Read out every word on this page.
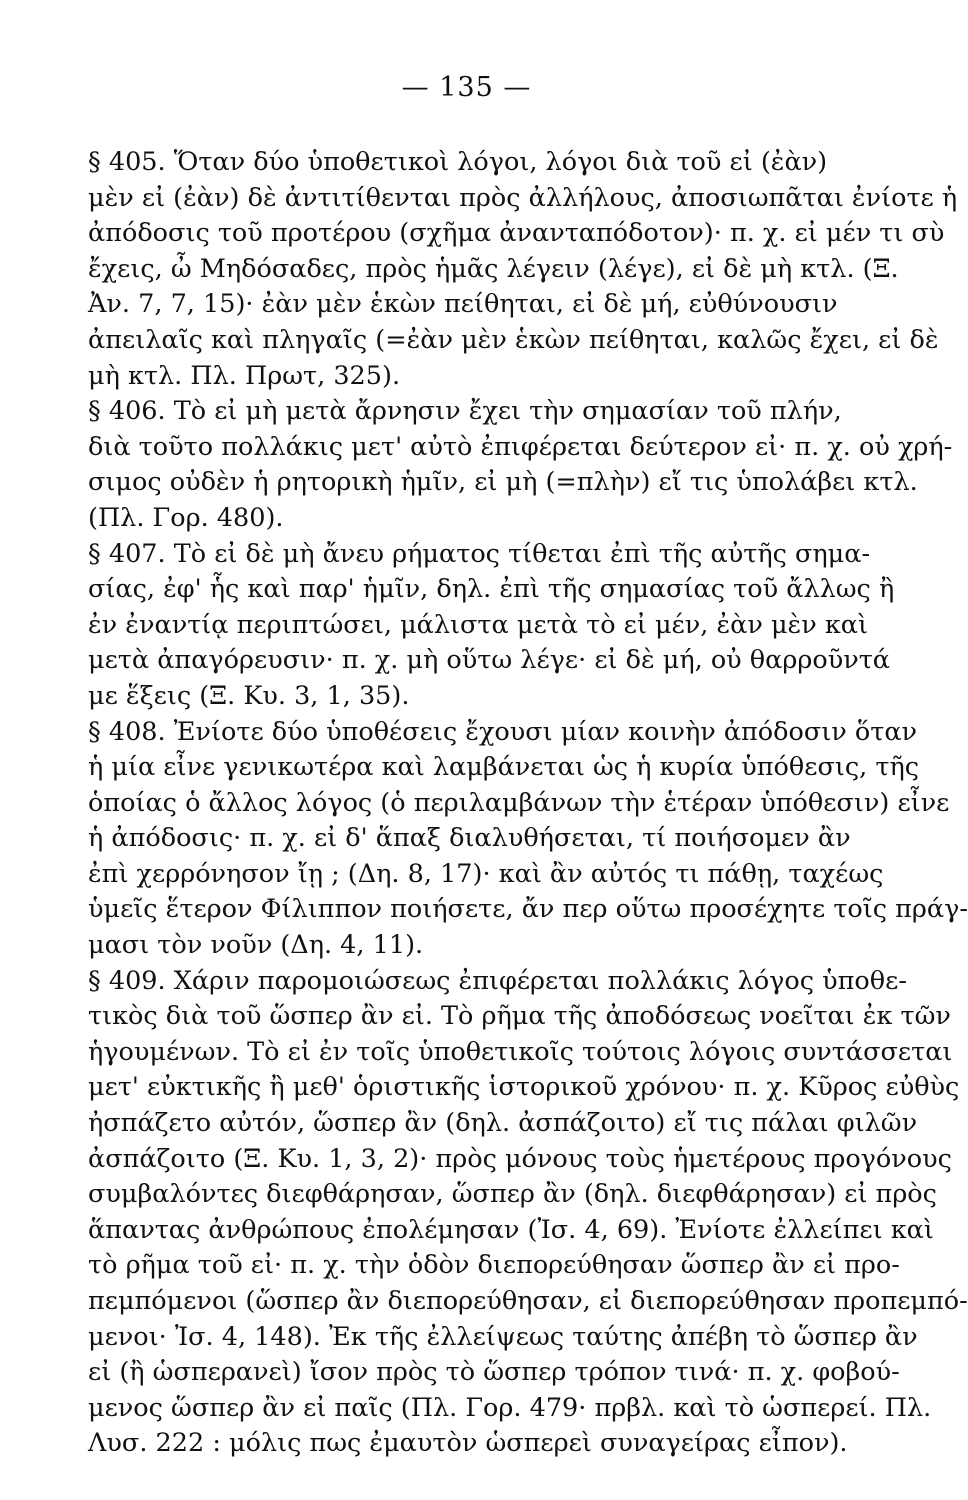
— 135 —
§ 405. Ὅταν δύο ὑποθετικοὶ λόγοι, λόγοι διὰ τοῦ εἰ (ἐὰν)
μὲν εἰ (ἐὰν) δὲ ἀντιτίθενται πρὸς ἀλλήλους, ἀποσιωπᾶται ἐνίοτε ἡ
ἀπόδοσις τοῦ προτέρου (σχῆμα ἀνανταπόδοτον)· π. χ. εἰ μέν τι σὺ
ἔχεις, ὦ Μηδόσαδες, πρὸς ἡμᾶς λέγειν (λέγε), εἰ δὲ μὴ κτλ. (Ξ.
Ἀν. 7, 7, 15)· ἐὰν μὲν ἑκὼν πείθηται, εἰ δὲ μή, εὐθύνουσιν
ἀπειλαῖς καὶ πληγαῖς (=ἐὰν μὲν ἑκὼν πείθηται, καλῶς ἔχει, εἰ δὲ
μὴ κτλ. Πλ. Πρωτ, 325).
§ 406. Τὸ εἰ μὴ μετὰ ἄρνησιν ἔχει τὴν σημασίαν τοῦ πλήν,
διὰ τοῦτο πολλάκις μετ' αὐτὸ ἐπιφέρεται δεύτερον εἰ· π. χ. οὐ χρή-
σιμος οὐδὲν ἡ ρητορικὴ ἡμῖν, εἰ μὴ (=πλὴν) εἴ τις ὑπολάβει κτλ.
(Πλ. Γορ. 480).
§ 407. Τὸ εἰ δὲ μὴ ἄνευ ρήματος τίθεται ἐπὶ τῆς αὐτῆς σημα-
σίας, ἐφ' ἧς καὶ παρ' ἡμῖν, δηλ. ἐπὶ τῆς σημασίας τοῦ ἄλλως ἢ
ἐν ἐναντίᾳ περιπτώσει, μάλιστα μετὰ τὸ εἰ μέν, ἐὰν μὲν καὶ
μετὰ ἀπαγόρευσιν· π. χ. μὴ οὕτω λέγε· εἰ δὲ μή, οὐ θαρροῦντά
με ἕξεις (Ξ. Κυ. 3, 1, 35).
§ 408. Ἐνίοτε δύο ὑποθέσεις ἔχουσι μίαν κοινὴν ἀπόδοσιν ὅταν
ἡ μία εἶνε γενικωτέρα καὶ λαμβάνεται ὡς ἡ κυρία ὑπόθεσις, τῆς
ὁποίας ὁ ἄλλος λόγος (ὁ περιλαμβάνων τὴν ἑτέραν ὑπόθεσιν) εἶνε
ἡ ἀπόδοσις· π. χ. εἰ δ' ἅπαξ διαλυθήσεται, τί ποιήσομεν ἂν
ἐπὶ χερρόνησον ἴῃ ; (Δη. 8, 17)· καὶ ἂν αὐτός τι πάθῃ, ταχέως
ὑμεῖς ἕτερον Φίλιππον ποιήσετε, ἄν περ οὕτω προσέχητε τοῖς πράγ-
μασι τὸν νοῦν (Δη. 4, 11).
§ 409. Χάριν παρομοιώσεως ἐπιφέρεται πολλάκις λόγος ὑποθε-
τικὸς διὰ τοῦ ὥσπερ ἂν εἰ. Τὸ ρῆμα τῆς ἀποδόσεως νοεῖται ἐκ τῶν
ἡγουμένων. Τὸ εἰ ἐν τοῖς ὑποθετικοῖς τούτοις λόγοις συντάσσεται
μετ' εὐκτικῆς ἢ μεθ' ὁριστικῆς ἱστορικοῦ χρόνου· π. χ. Κῦρος εὐθὺς
ἠσπάζετο αὐτόν, ὥσπερ ἂν (δηλ. ἀσπάζοιτο) εἴ τις πάλαι φιλῶν
ἀσπάζοιτο (Ξ. Κυ. 1, 3, 2)· πρὸς μόνους τοὺς ἡμετέρους προγόνους
συμβαλόντες διεφθάρησαν, ὥσπερ ἂν (δηλ. διεφθάρησαν) εἰ πρὸς
ἅπαντας ἀνθρώπους ἐπολέμησαν (Ἰσ. 4, 69). Ἐνίοτε ἐλλείπει καὶ
τὸ ρῆμα τοῦ εἰ· π. χ. τὴν ὁδὸν διεπορεύθησαν ὥσπερ ἂν εἰ προ-
πεμπόμενοι (ὥσπερ ἂν διεπορεύθησαν, εἰ διεπορεύθησαν προπεμπό-
μενοι· Ἰσ. 4, 148). Ἐκ τῆς ἐλλείψεως ταύτης ἀπέβη τὸ ὥσπερ ἂν
εἰ (ἢ ὡσπερανεὶ) ἴσον πρὸς τὸ ὥσπερ τρόπον τινά· π. χ. φοβού-
μενος ὥσπερ ἂν εἰ παῖς (Πλ. Γορ. 479· πρβλ. καὶ τὸ ὡσπερεί. Πλ.
Λυσ. 222 : μόλις πως ἐμαυτὸν ὡσπερεὶ συναγείρας εἶπον).
